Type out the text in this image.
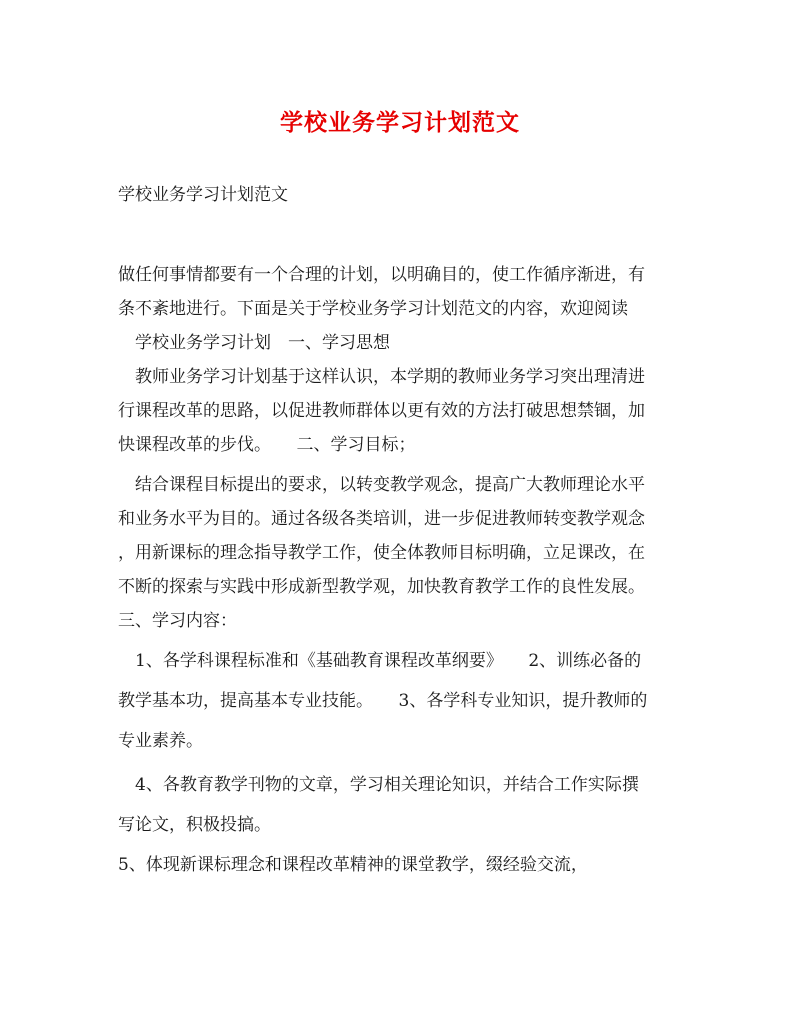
学校业务学习计划范文
学校业务学习计划范文
做任何事情都要有一个合理的计划，以明确目的，使工作循序渐进，有
条不紊地进行。下面是关于学校业务学习计划范文的内容，欢迎阅读
学校业务学习计划　一、学习思想
教师业务学习计划基于这样认识，本学期的教师业务学习突出理清进
行课程改革的思路，以促进教师群体以更有效的方法打破思想禁锢，加
快课程改革的步伐。　　二、学习目标；
结合课程目标提出的要求，以转变教学观念，提高广大教师理论水平
和业务水平为目的。通过各级各类培训，进一步促进教师转变教学观念
，用新课标的理念指导教学工作，使全体教师目标明确，立足课改，在
不断的探索与实践中形成新型教学观，加快教育教学工作的良性发展。
三、学习内容：
1、各学科课程标准和《基础教育课程改革纲要》　　2、训练必备的
教学基本功，提高基本专业技能。　　3、各学科专业知识，提升教师的
专业素养。
4、各教育教学刊物的文章，学习相关理论知识，并结合工作实际撰
写论文，积极投搞。
5、体现新课标理念和课程改革精神的课堂教学，缀经验交流，
